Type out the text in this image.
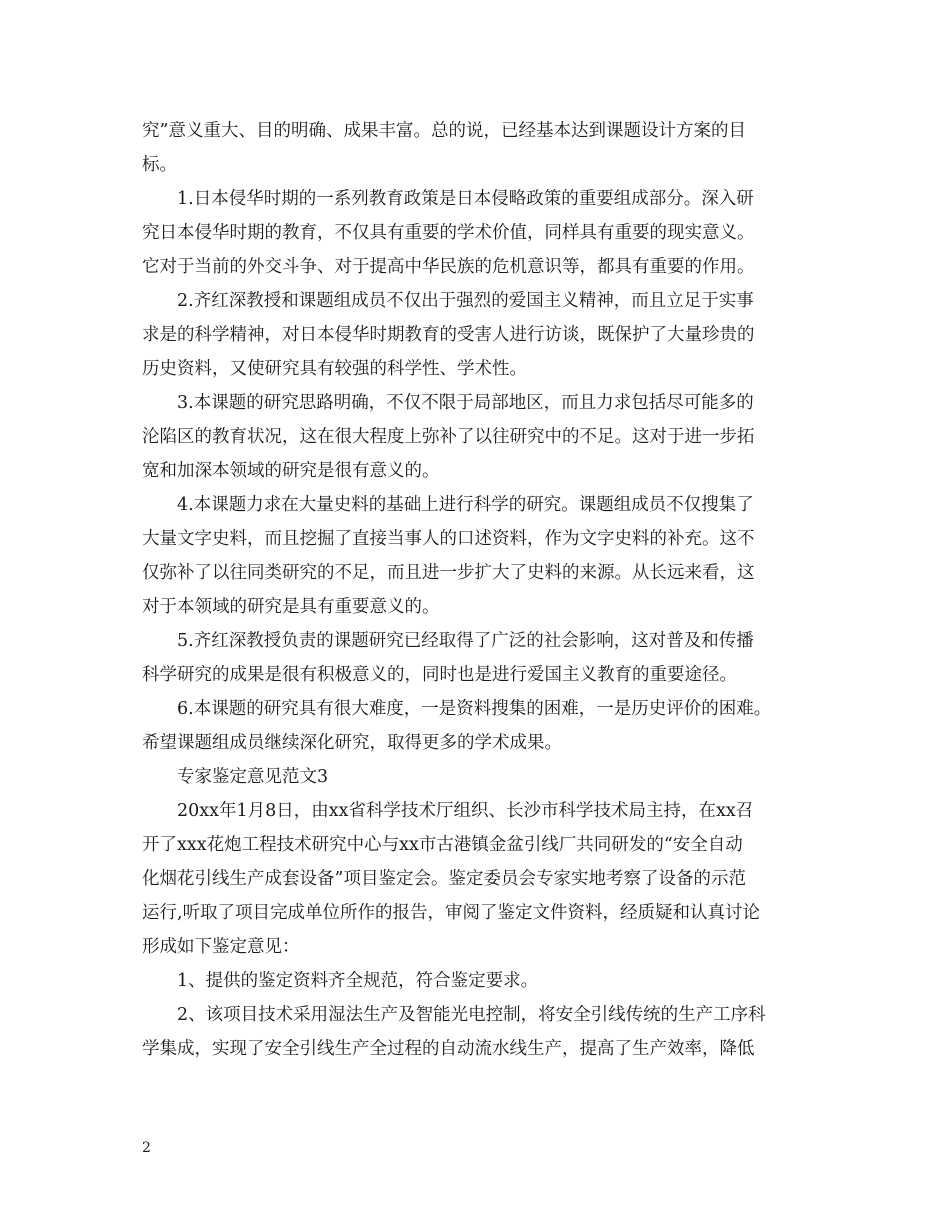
究”意义重大、目的明确、成果丰富。总的说，已经基本达到课题设计方案的目
标。
1.日本侵华时期的一系列教育政策是日本侵略政策的重要组成部分。深入研
究日本侵华时期的教育，不仅具有重要的学术价值，同样具有重要的现实意义。
它对于当前的外交斗争、对于提高中华民族的危机意识等，都具有重要的作用。
2.齐红深教授和课题组成员不仅出于强烈的爱国主义精神，而且立足于实事
求是的科学精神，对日本侵华时期教育的受害人进行访谈，既保护了大量珍贵的
历史资料，又使研究具有较强的科学性、学术性。
3.本课题的研究思路明确，不仅不限于局部地区，而且力求包括尽可能多的
沦陷区的教育状况，这在很大程度上弥补了以往研究中的不足。这对于进一步拓
宽和加深本领域的研究是很有意义的。
4.本课题力求在大量史料的基础上进行科学的研究。课题组成员不仅搜集了
大量文字史料，而且挖掘了直接当事人的口述资料，作为文字史料的补充。这不
仅弥补了以往同类研究的不足，而且进一步扩大了史料的来源。从长远来看，这
对于本领域的研究是具有重要意义的。
5.齐红深教授负责的课题研究已经取得了广泛的社会影响，这对普及和传播
科学研究的成果是很有积极意义的，同时也是进行爱国主义教育的重要途径。
6.本课题的研究具有很大难度，一是资料搜集的困难，一是历史评价的困难。
希望课题组成员继续深化研究，取得更多的学术成果。
专家鉴定意见范文3
20xx年1月8日，由xx省科学技术厅组织、长沙市科学技术局主持，在xx召
开了xxx花炮工程技术研究中心与xx市古港镇金盆引线厂共同研发的“安全自动
化烟花引线生产成套设备”项目鉴定会。鉴定委员会专家实地考察了设备的示范
运行,听取了项目完成单位所作的报告，审阅了鉴定文件资料，经质疑和认真讨论
形成如下鉴定意见：
1、提供的鉴定资料齐全规范，符合鉴定要求。
2、该项目技术采用湿法生产及智能光电控制，将安全引线传统的生产工序科
学集成，实现了安全引线生产全过程的自动流水线生产，提高了生产效率，降低
2
